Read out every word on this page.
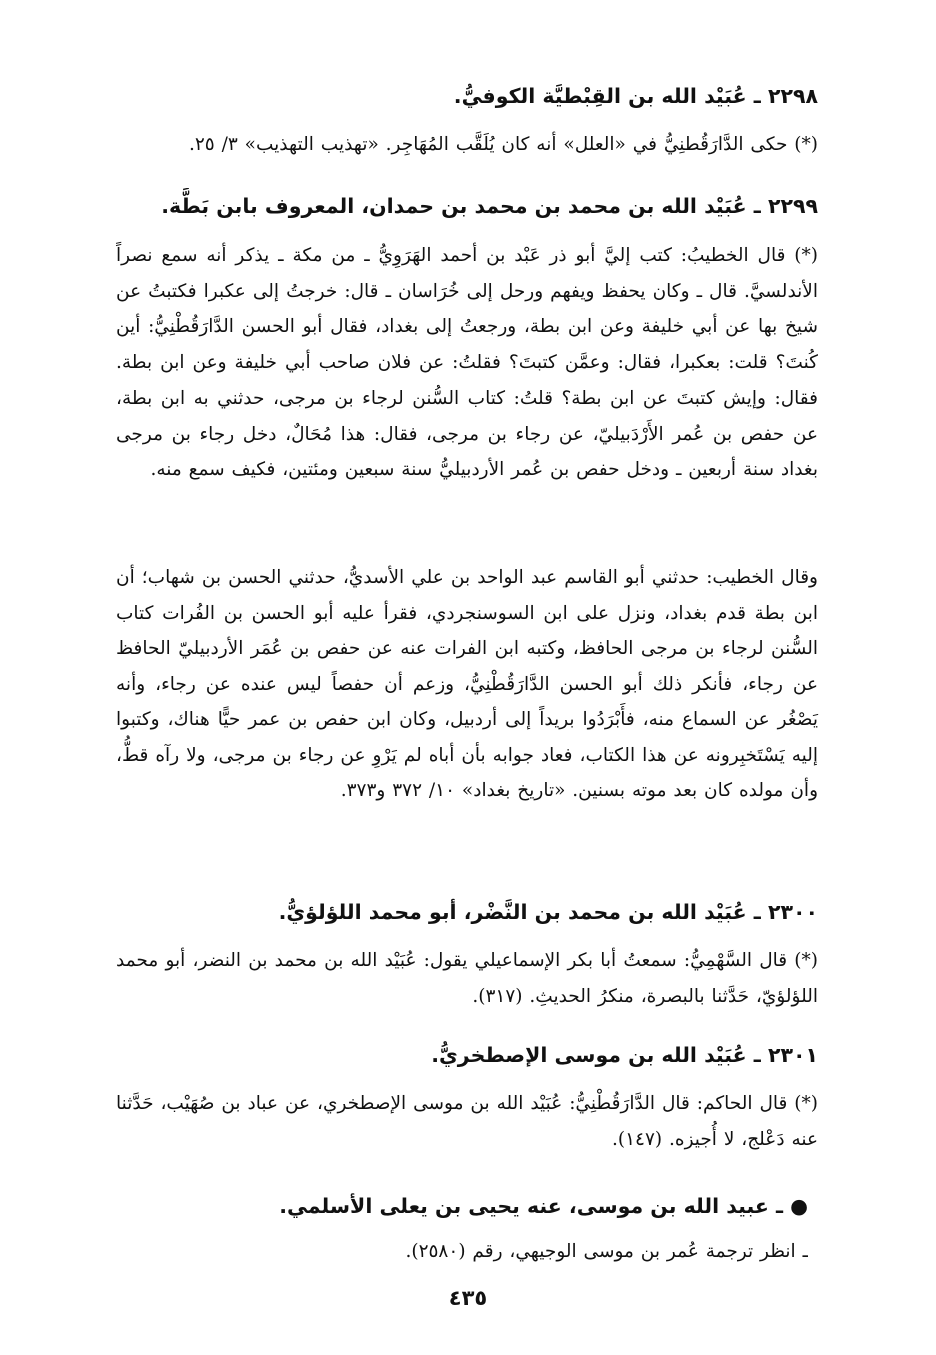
٢٢٩٨ ـ عُبَيْد الله بن القِبْطيَّة الكوفيُّ.
(*) حكى الدَّارَقُطنِيُّ في «العلل» أنه كان يُلَقَّب المُهَاجِر. «تهذيب التهذيب» ٣/ ٢٥.
٢٢٩٩ ـ عُبَيْد الله بن محمد بن محمد بن حمدان، المعروف بابن بَطَّة.
(*) قال الخطيبُ: كتب إليَّ أبو ذر عَبْد بن أحمد الهَرَوِيُّ ـ من مكة ـ يذكر أنه سمع نصراً الأندلسيَّ. قال ـ وكان يحفظ ويفهم ورحل إلى خُرَاسان ـ قال: خرجتُ إلى عكبرا فكتبتُ عن شيخ بها عن أبي خليفة وعن ابن بطة، ورجعتُ إلى بغداد، فقال أبو الحسن الدَّارَقُطْنِيُّ: أين كُنتَ؟ قلت: بعكبرا، فقال: وعمَّن كتبتَ؟ فقلتُ: عن فلان صاحب أبي خليفة وعن ابن بطة. فقال: وإيش كتبتَ عن ابن بطة؟ قلتُ: كتاب السُّنن لرجاء بن مرجى، حدثني به ابن بطة، عن حفص بن عُمر الأَرْدَبيليّ، عن رجاء بن مرجى، فقال: هذا مُحَالٌ، دخل رجاء بن مرجى بغداد سنة أربعين ـ ودخل حفص بن عُمر الأردبيليُّ سنة سبعين ومئتين، فكيف سمع منه.
وقال الخطيب: حدثني أبو القاسم عبد الواحد بن علي الأسديُّ، حدثني الحسن بن شهاب؛ أن ابن بطة قدم بغداد، ونزل على ابن السوسنجردي، فقرأ عليه أبو الحسن بن الفُرات كتاب السُّنن لرجاء بن مرجى الحافظ، وكتبه ابن الفرات عنه عن حفص بن عُمَر الأردبيليّ الحافظ عن رجاء، فأنكر ذلك أبو الحسن الدَّارَقُطْنِيُّ، وزعم أن حفصاً ليس عنده عن رجاء، وأنه يَصْغُر عن السماع منه، فأَبْرَدُوا بريداً إلى أردبيل، وكان ابن حفص بن عمر حيًّا هناك، وكتبوا إليه يَسْتَخبِرونه عن هذا الكتاب، فعاد جوابه بأن أباه لم يَرْوِ عن رجاء بن مرجى، ولا رآه قطُّ، وأن مولده كان بعد موته بسنين. «تاريخ بغداد» ١٠/ ٣٧٢ و٣٧٣.
٢٣٠٠ ـ عُبَيْد الله بن محمد بن النَّضْر، أبو محمد اللؤلؤيُّ.
(*) قال السَّهْمِيُّ: سمعتُ أبا بكر الإسماعيلي يقول: عُبَيْد الله بن محمد بن النضر، أبو محمد اللؤلؤيّ، حَدَّثنا بالبصرة، منكرُ الحديثِ. (٣١٧).
٢٣٠١ ـ عُبَيْد الله بن موسى الإصطخريُّ.
(*) قال الحاكم: قال الدَّارَقُطْنِيُّ: عُبَيْد الله بن موسى الإصطخري، عن عباد بن صُهَيْب، حَدَّثنا عنه دَعْلج، لا أُجيزه. (١٤٧).
● ـ عبيد الله بن موسى، عنه يحيى بن يعلى الأسلمي.
ـ انظر ترجمة عُمر بن موسى الوجيهي، رقم (٢٥٨٠).
٤٣٥
